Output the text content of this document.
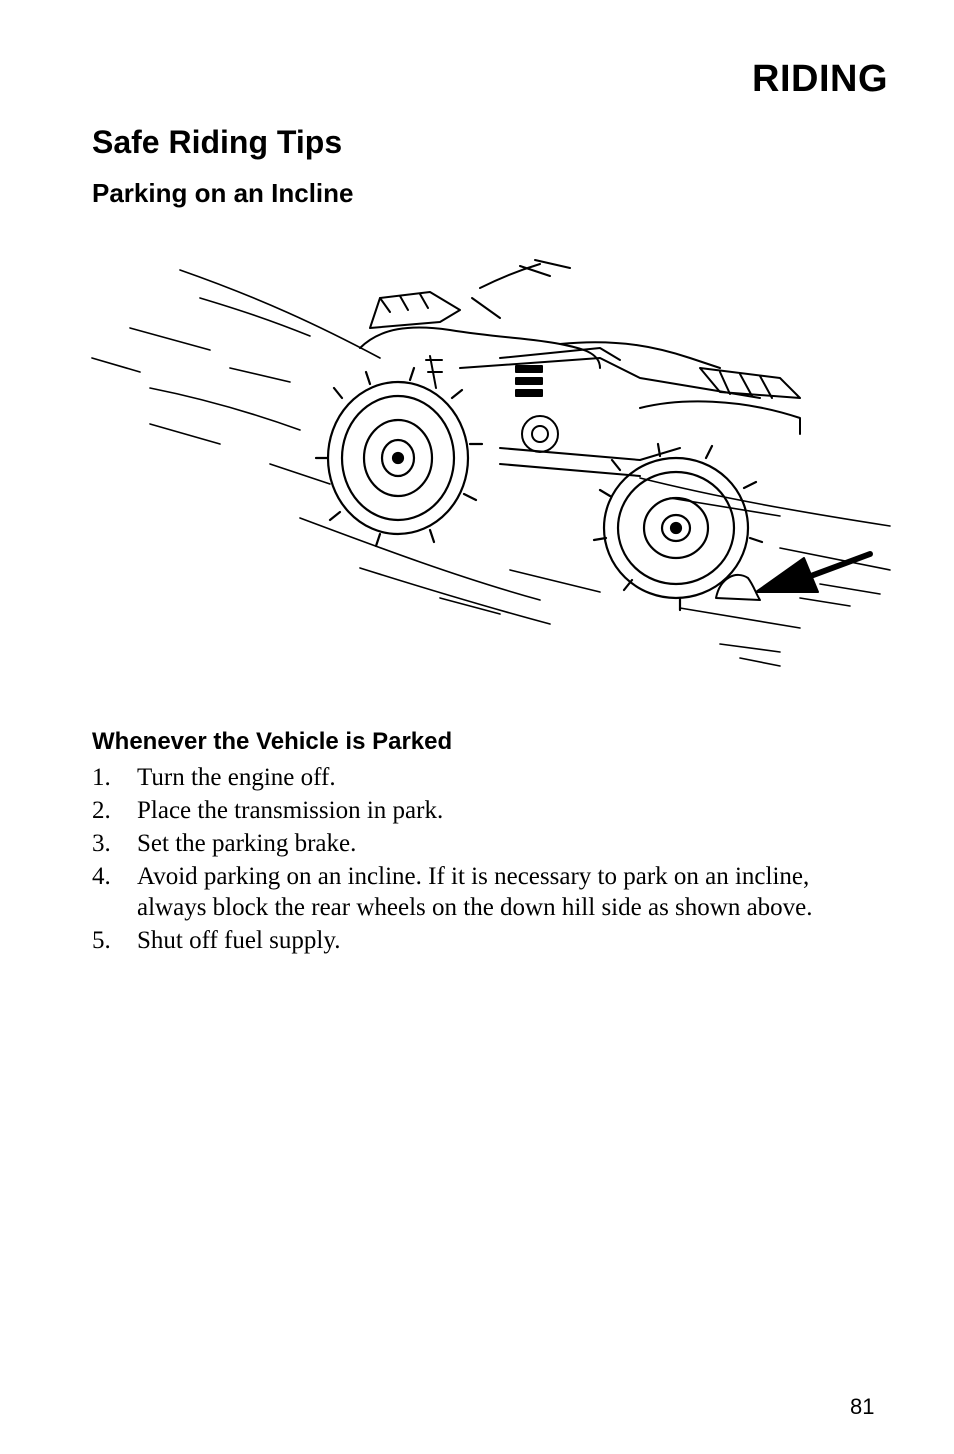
RIDING
Safe Riding Tips
Parking on an Incline
Whenever the Vehicle is Parked
1.	Turn the engine off.
2.	Place the transmission in park.
3.	Set the parking brake.
4.	Avoid parking on an incline. If it is necessary to park on an incline, always block the rear wheels on the down hill side as shown above.
5.	Shut off fuel supply.
81
